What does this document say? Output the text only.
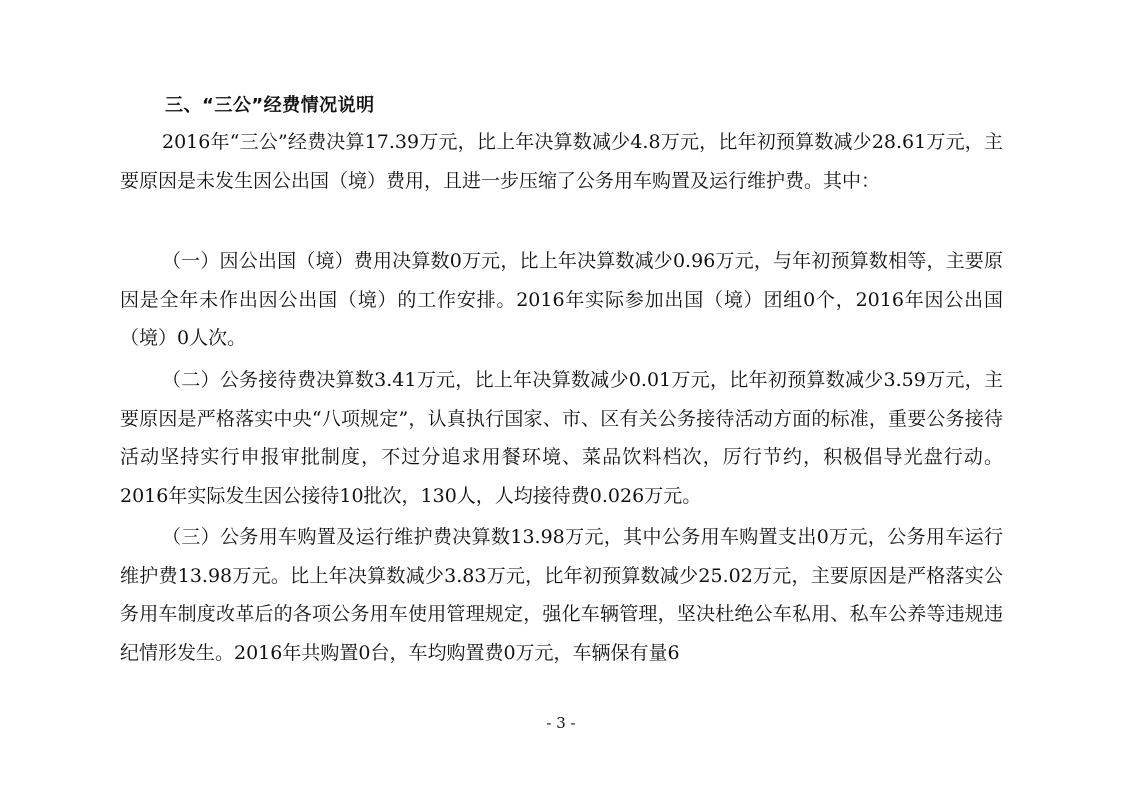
三、“三公”经费情况说明

2016年“三公”经费决算17.39万元，比上年决算数减少4.8万元，比年初预算数减少28.61万元，主要原因是未发生因公出国（境）费用，且进一步压缩了公务用车购置及运行维护费。其中：

（一）因公出国（境）费用决算数0万元，比上年决算数减少0.96万元，与年初预算数相等，主要原因是全年未作出因公出国（境）的工作安排。2016年实际参加出国（境）团组0个，2016年因公出国（境）0人次。

（二）公务接待费决算数3.41万元，比上年决算数减少0.01万元，比年初预算数减少3.59万元，主要原因是严格落实中央“八项规定”，认真执行国家、市、区有关公务接待活动方面的标准，重要公务接待活动坚持实行申报审批制度，不过分追求用餐环境、菜品饮料档次，厉行节约，积极倡导光盘行动。2016年实际发生因公接待10批次，130人，人均接待费0.026万元。

（三）公务用车购置及运行维护费决算数13.98万元，其中公务用车购置支出0万元，公务用车运行维护费13.98万元。比上年决算数减少3.83万元，比年初预算数减少25.02万元，主要原因是严格落实公务用车制度改革后的各项公务用车使用管理规定，强化车辆管理，坚决杜绝公车私用、私车公养等违规违纪情形发生。2016年共购置0台，车均购置费0万元，车辆保有量6

- 3 -
